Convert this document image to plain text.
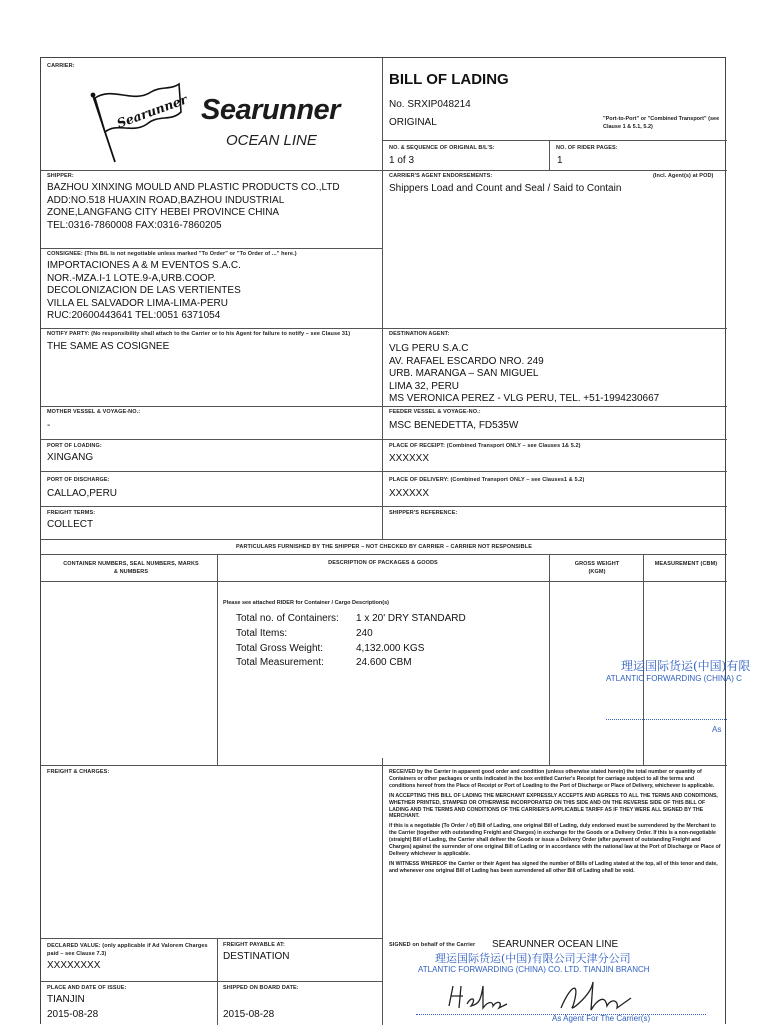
CARRIER:
Searunner Searunner
OCEAN LINE
BILL OF LADING
No. SRXIP048214
ORIGINAL	"Port-to-Port" or "Combined Transport" (see Clause 1 & 5.1, 5.2)
NO. & SEQUENCE OF ORIGINAL B/L'S:
1 of 3
NO. OF RIDER PAGES:
1
SHIPPER:
BAZHOU XINXING MOULD AND PLASTIC PRODUCTS CO.,LTD
ADD:NO.518 HUAXIN ROAD,BAZHOU INDUSTRIAL
ZONE,LANGFANG CITY HEBEI PROVINCE CHINA
TEL:0316-7860008 FAX:0316-7860205
CARRIER'S AGENT ENDORSEMENTS:	(Incl. Agent(s) at POD)
Shippers Load and Count and Seal / Said to Contain
CONSIGNEE: (This B/L is not negotiable unless marked "To Order" or "To Order of ..." here.)
IMPORTACIONES A & M EVENTOS S.A.C.
NOR.-MZA.I-1 LOTE.9-A,URB.COOP.
DECOLONIZACION DE LAS VERTIENTES
VILLA EL SALVADOR LIMA-LIMA-PERU
RUC:20600443641 TEL:0051 6371054
NOTIFY PARTY: (No responsibility shall attach to the Carrier or to his Agent for failure to notify – see Clause 31)
THE SAME AS COSIGNEE
DESTINATION AGENT:
VLG PERU S.A.C
AV. RAFAEL ESCARDO NRO. 249
URB. MARANGA – SAN MIGUEL
LIMA 32, PERU
MS VERONICA PEREZ - VLG PERU, TEL. +51-1994230667
MOTHER VESSEL & VOYAGE-NO.:
-
FEEDER VESSEL & VOYAGE-NO.:
MSC BENEDETTA, FD535W
PORT OF LOADING:
XINGANG
PLACE OF RECEIPT: (Combined Transport ONLY – see Clauses 1& 5.2)
XXXXXX
PORT OF DISCHARGE:
CALLAO,PERU
PLACE OF DELIVERY: (Combined Transport ONLY – see Clauses1 & 5.2)
XXXXXX
FREIGHT TERMS:
COLLECT
SHIPPER'S REFERENCE:
PARTICULARS FURNISHED BY THE SHIPPER – NOT CHECKED BY CARRIER – CARRIER NOT RESPONSIBLE
CONTAINER NUMBERS, SEAL NUMBERS, MARKS & NUMBERS
DESCRIPTION OF PACKAGES & GOODS	GROSS WEIGHT (KGM)
MEASUREMENT (CBM)
Please see attached RIDER for Container / Cargo Description(s)
Total no. of Containers: 1 x 20' DRY STANDARD
Total Items:	240
Total Gross Weight:	4,132.000 KGS
Total Measurement:	24.600 CBM	理运国际货运(中国)有限
ATLANTIC FORWARDING (CHINA) C
As
FREIGHT & CHARGES:	RECEIVED by the Carrier in apparent good order and condition (unless otherwise stated herein) the total number or quantity of Containers or other packages or units indicated in the box entitled Carrier's Receipt for carriage subject to all the terms and conditions hereof from the Place of Receipt or Port of Loading to the Port of Discharge or Place of Delivery, whichever is applicable.

IN ACCEPTING THIS BILL OF LADING THE MERCHANT EXPRESSLY ACCEPTS AND AGREES TO ALL THE TERMS AND CONDITIONS, WHETHER PRINTED, STAMPED OR OTHERWISE INCORPORATED ON THIS SIDE AND ON THE REVERSE SIDE OF THIS BILL OF LADING AND THE TERMS AND CONDITIONS OF THE CARRIER'S APPLICABLE TARIFF AS IF THEY WERE ALL SIGNED BY THE MERCHANT.

If this is a negotiable (To Order / of) Bill of Lading, one original Bill of Lading, duly endorsed must be surrendered by the Merchant to the Carrier (together with outstanding Freight and Charges) in exchange for the Goods or a Delivery Order. If this is a non-negotiable (straight) Bill of Lading, the Carrier shall deliver the Goods or issue a Delivery Order (after payment of outstanding Freight and Charges) against the surrender of one original Bill of Lading or in accordance with the national law at the Port of Discharge or Place of Delivery whichever is applicable.

IN WITNESS WHEREOF the Carrier or their Agent has signed the number of Bills of Lading stated at the top, all of this tenor and date, and whenever one original Bill of Lading has been surrendered all other Bill of Lading shall be void.

DECLARED VALUE: (only applicable if Ad Valorem Charges paid – see Clause 7.3)
XXXXXXXX
FREIGHT PAYABLE AT:
DESTINATION
PLACE AND DATE OF ISSUE:
TIANJIN
2015-08-28
SHIPPED ON BOARD DATE:
2015-08-28
SIGNED on behalf of the Carrier SEARUNNER OCEAN LINE
理运国际货运(中国)有限公司天津分公司
ATLANTIC FORWARDING (CHINA) CO. LTD. TIANJIN BRANCH
As Agent For The Carrier(s)
